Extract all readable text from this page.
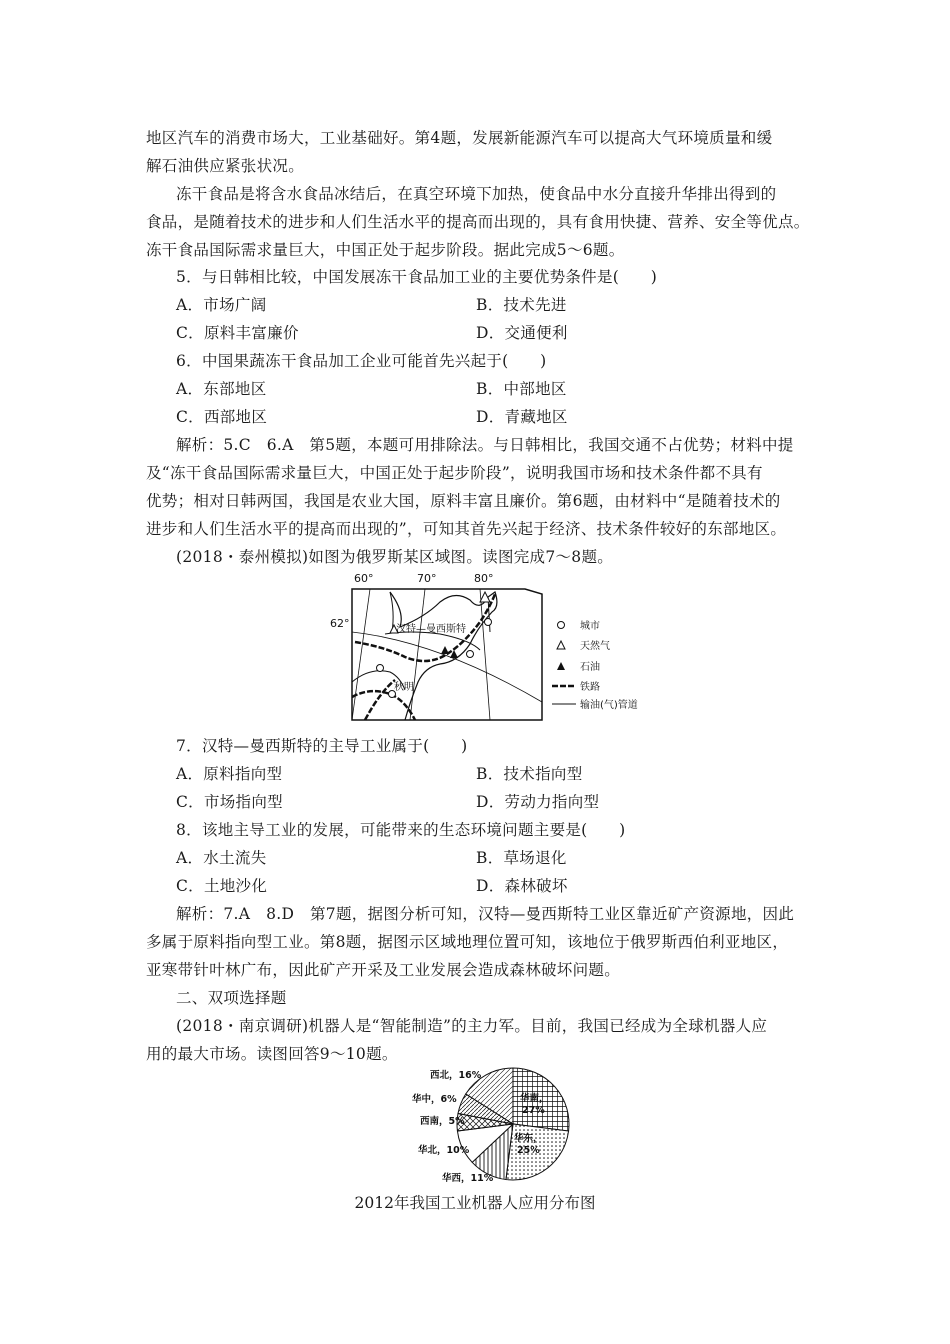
地区汽车的消费市场大，工业基础好。第4题，发展新能源汽车可以提高大气环境质量和缓
解石油供应紧张状况。
冻干食品是将含水食品冰结后，在真空环境下加热，使食品中水分直接升华排出得到的
食品，是随着技术的进步和人们生活水平的提高而出现的，具有食用快捷、营养、安全等优点。
冻干食品国际需求量巨大，中国正处于起步阶段。据此完成5～6题。
5．与日韩相比较，中国发展冻干食品加工业的主要优势条件是(　　)
A．市场广阔	B．技术先进
C．原料丰富廉价	D．交通便利
6．中国果蔬冻干食品加工企业可能首先兴起于(　　)
A．东部地区	B．中部地区
C．西部地区	D．青藏地区
解析：5.C　6.A　第5题，本题可用排除法。与日韩相比，我国交通不占优势；材料中提
及“冻干食品国际需求量巨大，中国正处于起步阶段”，说明我国市场和技术条件都不具有
优势；相对日韩两国，我国是农业大国，原料丰富且廉价。第6题，由材料中“是随着技术的
进步和人们生活水平的提高而出现的”，可知其首先兴起于经济、技术条件较好的东部地区。
(2018・泰州模拟)如图为俄罗斯某区域图。读图完成7～8题。
60°	70°	80°
62°	汉特—曼西斯特
秋明
城市
天然气
石油
铁路
输油(气)管道
7．汉特—曼西斯特的主导工业属于(　　)
A．原料指向型	B．技术指向型
C．市场指向型	D．劳动力指向型
8．该地主导工业的发展，可能带来的生态环境问题主要是(　　)
A．水土流失	B．草场退化
C．土地沙化	D．森林破坏
解析：7.A　8.D　第7题，据图分析可知，汉特—曼西斯特工业区靠近矿产资源地，因此
多属于原料指向型工业。第8题，据图示区域地理位置可知，该地位于俄罗斯西伯利亚地区，
亚寒带针叶林广布，因此矿产开采及工业发展会造成森林破坏问题。
二、双项选择题
(2018・南京调研)机器人是“智能制造”的主力军。目前，我国已经成为全球机器人应
用的最大市场。读图回答9～10题。
西北，16%
华中，6%
西南，5%
华北，10%
华西，11%
华南，
27%
华东，
25%
2012年我国工业机器人应用分布图
